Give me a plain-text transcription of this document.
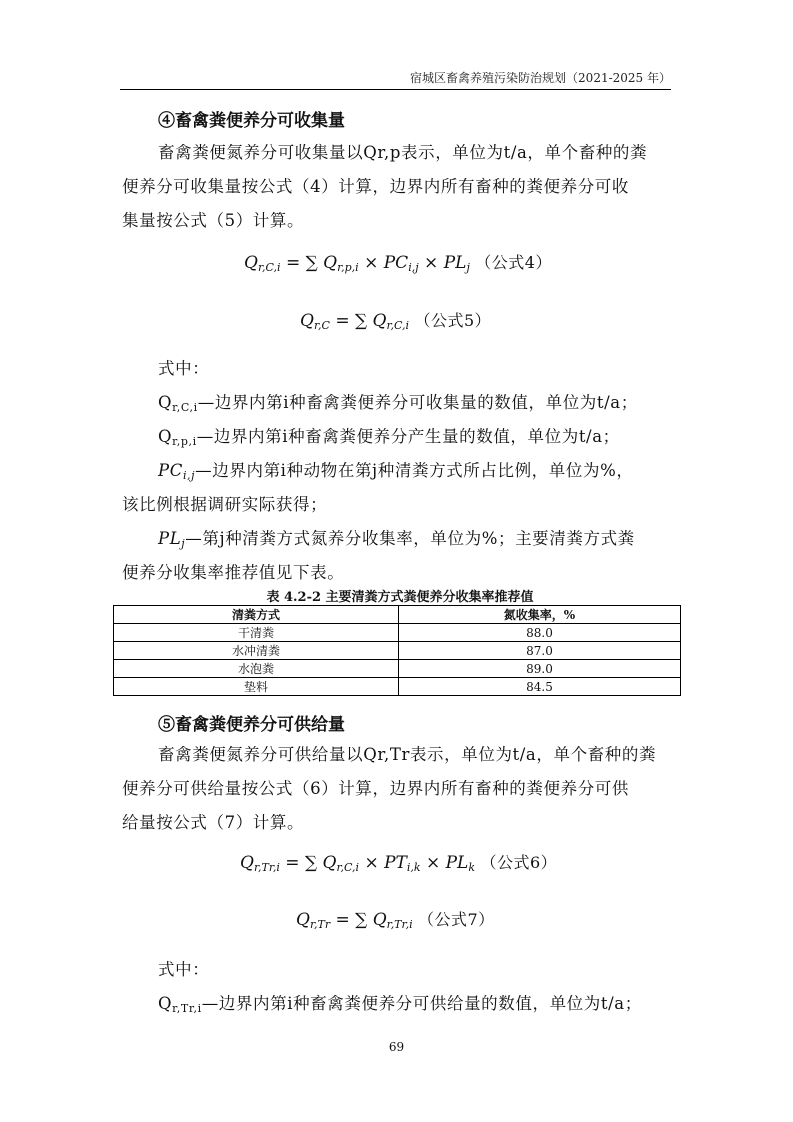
宿城区畜禽养殖污染防治规划（2021-2025 年）
④畜禽粪便养分可收集量

畜禽粪便氮养分可收集量以Qr,p表示，单位为t/a，单个畜种的粪

便养分可收集量按公式（4）计算，边界内所有畜种的粪便养分可收

集量按公式（5）计算。

$Q_{r,C,i}$ = ∑ $Q_{r,p,i} \times PC_{i,j} \times PL_j$ （公式4）
$Q_{r,C}$ = ∑ $Q_{r,C,i}$ （公式5）
式中：
$Q_{r,C,i}—$边界内第i种畜禽粪便养分可收集量的数值，单位为t/a；
$Q_{r,p,i}—$边界内第i种畜禽粪便养分产生量的数值，单位为t/a；
$PC_{i,j}—$边界内第i种动物在第j种清粪方式所占比例，单位为%，
该比例根据调研实际获得；
$PL_j—$第j种清粪方式氮养分收集率，单位为%；主要清粪方式粪
便养分收集率推荐值见下表。
表 4.2-2 主要清粪方式粪便养分收集率推荐值
清粪方式	氮收集率，%
干清粪	88.0
水冲清粪	87.0
水泡粪	89.0
垫料	84.5
⑤畜禽粪便养分可供给量

畜禽粪便氮养分可供给量以Qr,Tr表示，单位为t/a，单个畜种的粪

便养分可供给量按公式（6）计算，边界内所有畜种的粪便养分可供

给量按公式（7）计算。

$Q_{r,Tr,i}$ = ∑ $Q_{r,C,i} \times PT_{i,k} \times PL_k$ （公式6）
$Q_{r,Tr}$ = ∑ $Q_{r,Tr,i}$ （公式7）
式中：
$Q_{r,Tr,i}—$边界内第i种畜禽粪便养分可供给量的数值，单位为t/a；
69
